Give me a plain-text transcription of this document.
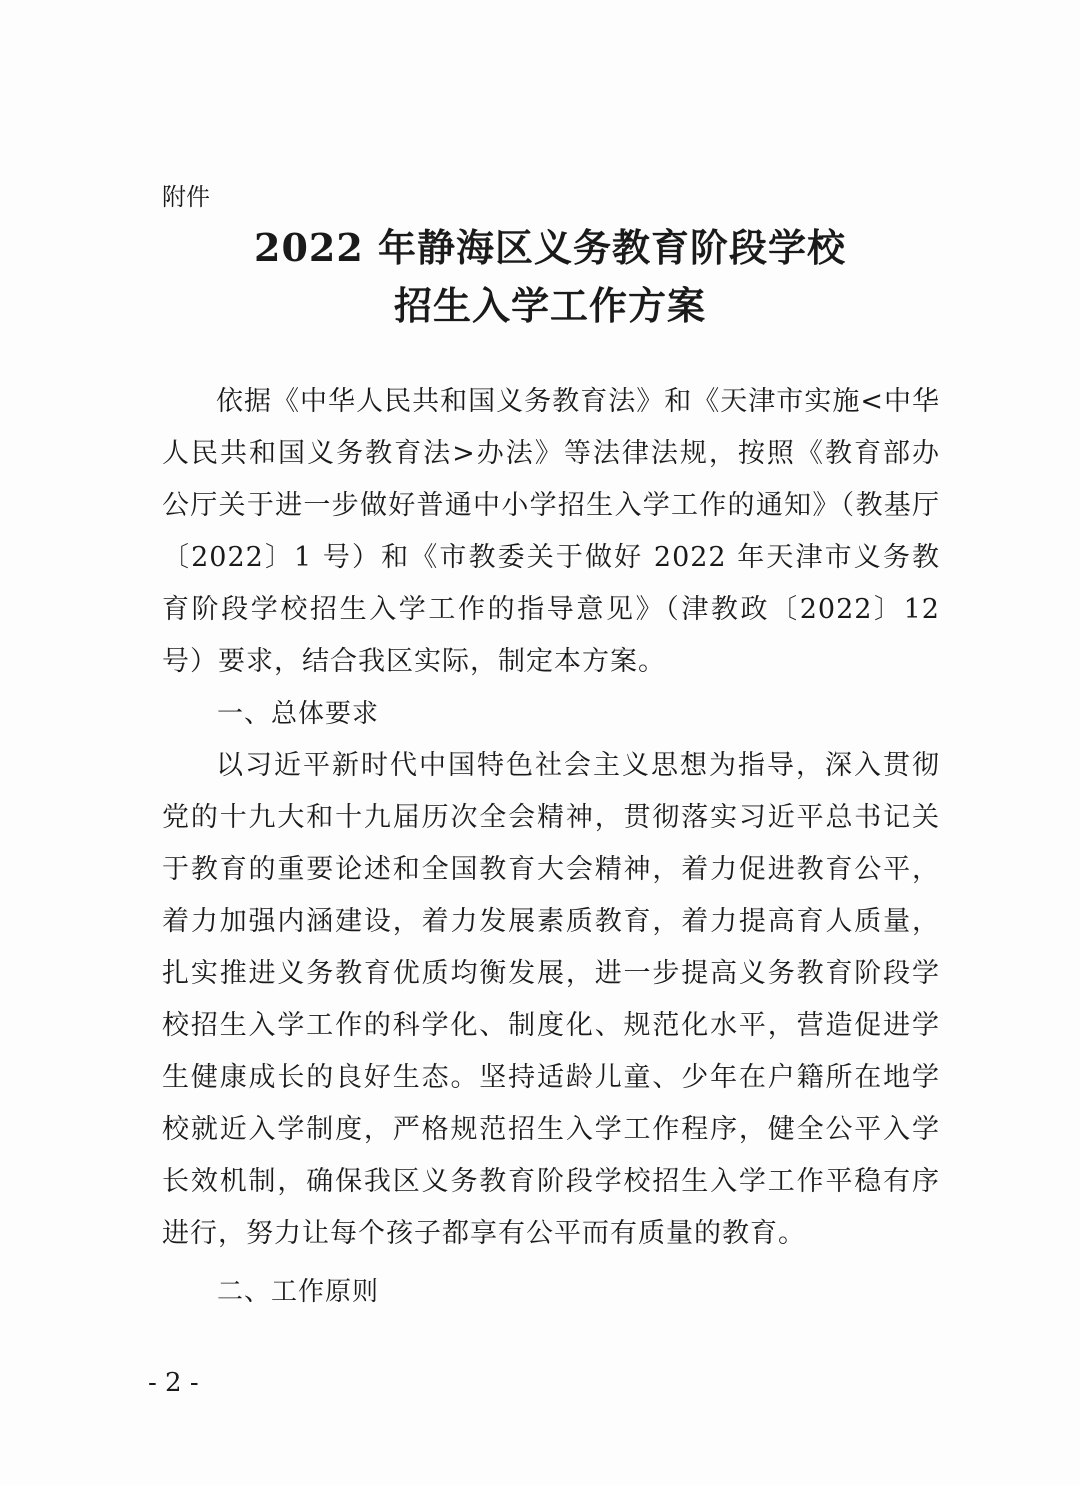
附件
2022 年静海区义务教育阶段学校
招生入学工作方案

依据《中华人民共和国义务教育法》和《天津市实施<中华人民共和国义务教育法>办法》等法律法规，按照《教育部办公厅关于进一步做好普通中小学招生入学工作的通知》（教基厅〔2022〕1 号）和《市教委关于做好 2022 年天津市义务教育阶段学校招生入学工作的指导意见》（津教政〔2022〕12 号）要求，结合我区实际，制定本方案。

一、总体要求

以习近平新时代中国特色社会主义思想为指导，深入贯彻党的十九大和十九届历次全会精神，贯彻落实习近平总书记关于教育的重要论述和全国教育大会精神，着力促进教育公平，着力加强内涵建设，着力发展素质教育，着力提高育人质量，扎实推进义务教育优质均衡发展，进一步提高义务教育阶段学校招生入学工作的科学化、制度化、规范化水平，营造促进学生健康成长的良好生态。坚持适龄儿童、少年在户籍所在地学校就近入学制度，严格规范招生入学工作程序，健全公平入学长效机制，确保我区义务教育阶段学校招生入学工作平稳有序进行，努力让每个孩子都享有公平而有质量的教育。

二、工作原则

- 2 -
